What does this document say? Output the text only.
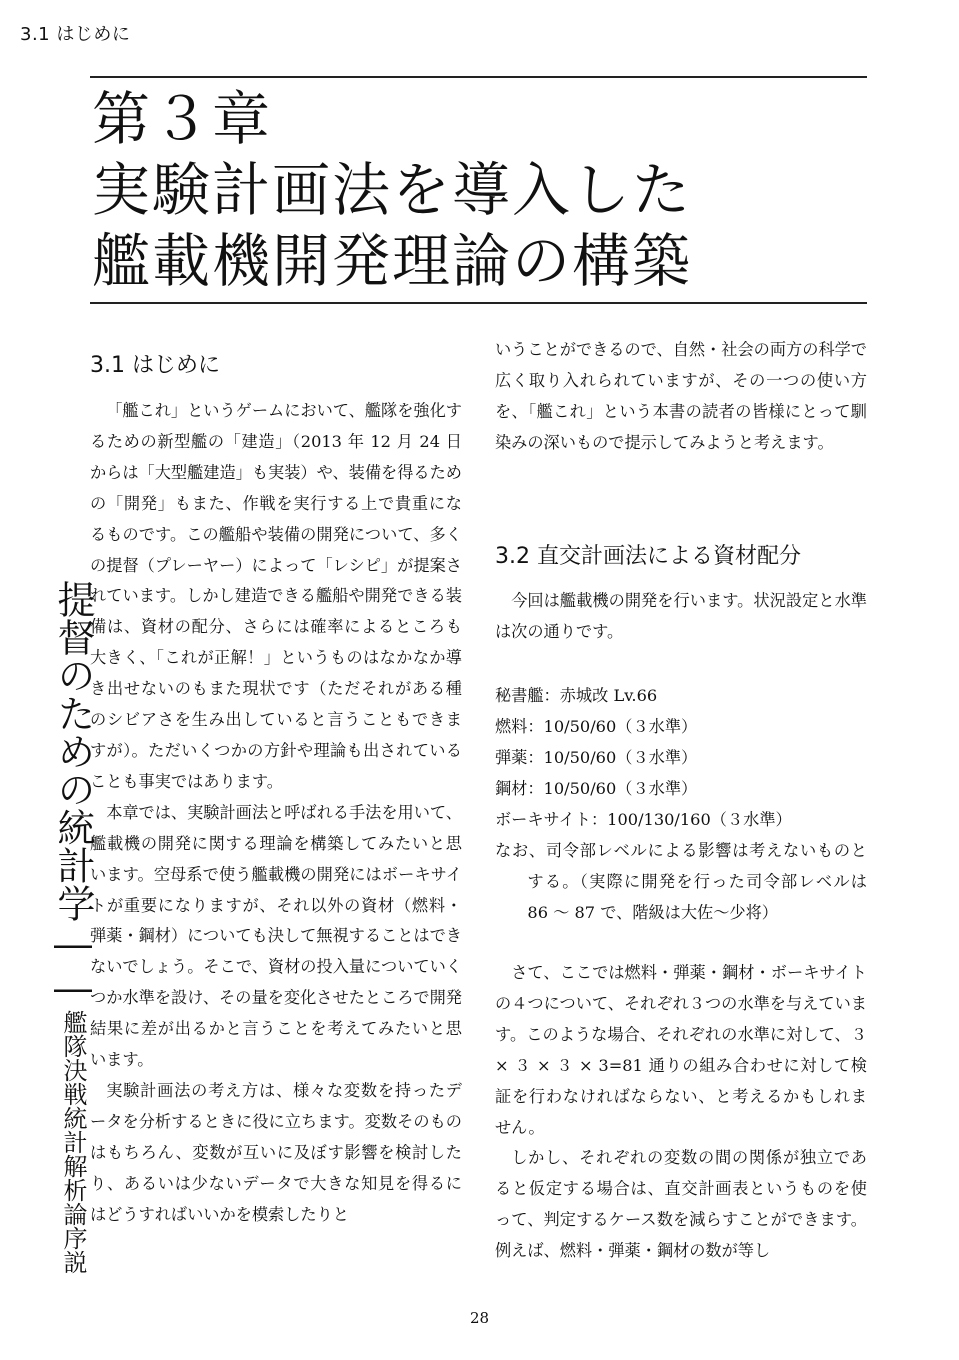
3.1 はじめに
第３章
実験計画法を導入した
艦載機開発理論の構築
提督のための統計学――艦隊決戦統計解析論序説
3.1 はじめに

「艦これ」というゲームにおいて、艦隊を強化するための新型艦の「建造」（2013 年 12 月 24 日からは「大型艦建造」も実装）や、装備を得るための「開発」もまた、作戦を実行する上で貴重になるものです。この艦船や装備の開発について、多くの提督（プレーヤー）によって「レシピ」が提案されています。しかし建造できる艦船や開発できる装備は、資材の配分、さらには確率によるところも大きく、「これが正解！」というものはなかなか導き出せないのもまた現状です（ただそれがある種のシビアさを生み出していると言うこともできますが）。ただいくつかの方針や理論も出されていることも事実ではあります。

本章では、実験計画法と呼ばれる手法を用いて、艦載機の開発に関する理論を構築してみたいと思います。空母系で使う艦載機の開発にはボーキサイトが重要になりますが、それ以外の資材（燃料・弾薬・鋼材）についても決して無視することはできないでしょう。そこで、資材の投入量についていくつか水準を設け、その量を変化させたところで開発結果に差が出るかと言うことを考えてみたいと思います。

実験計画法の考え方は、様々な変数を持ったデータを分析するときに役に立ちます。変数そのものはもちろん、変数が互いに及ぼす影響を検討したり、あるいは少ないデータで大きな知見を得るにはどうすればいいかを模索したりと

いうことができるので、自然・社会の両方の科学で広く取り入れられていますが、その一つの使い方を、「艦これ」という本書の読者の皆様にとって馴染みの深いもので提示してみようと考えます。

3.2 直交計画法による資材配分

今回は艦載機の開発を行います。状況設定と水準は次の通りです。

秘書艦：赤城改 Lv.66

燃料：10/50/60（３水準）

弾薬：10/50/60（３水準）

鋼材：10/50/60（３水準）

ボーキサイト：100/130/160（３水準）

なお、司令部レベルによる影響は考えないものとする。（実際に開発を行った司令部レベルは 86 ～ 87 で、階級は大佐～少将）

さて、ここでは燃料・弾薬・鋼材・ボーキサイトの４つについて、それぞれ３つの水準を与えています。このような場合、それぞれの水準に対して、３ × ３ × ３ × 3=81 通りの組み合わせに対して検証を行わなければならない、と考えるかもしれません。

しかし、それぞれの変数の間の関係が独立であると仮定する場合は、直交計画表というものを使って、判定するケース数を減らすことができます。例えば、燃料・弾薬・鋼材の数が等し

28
